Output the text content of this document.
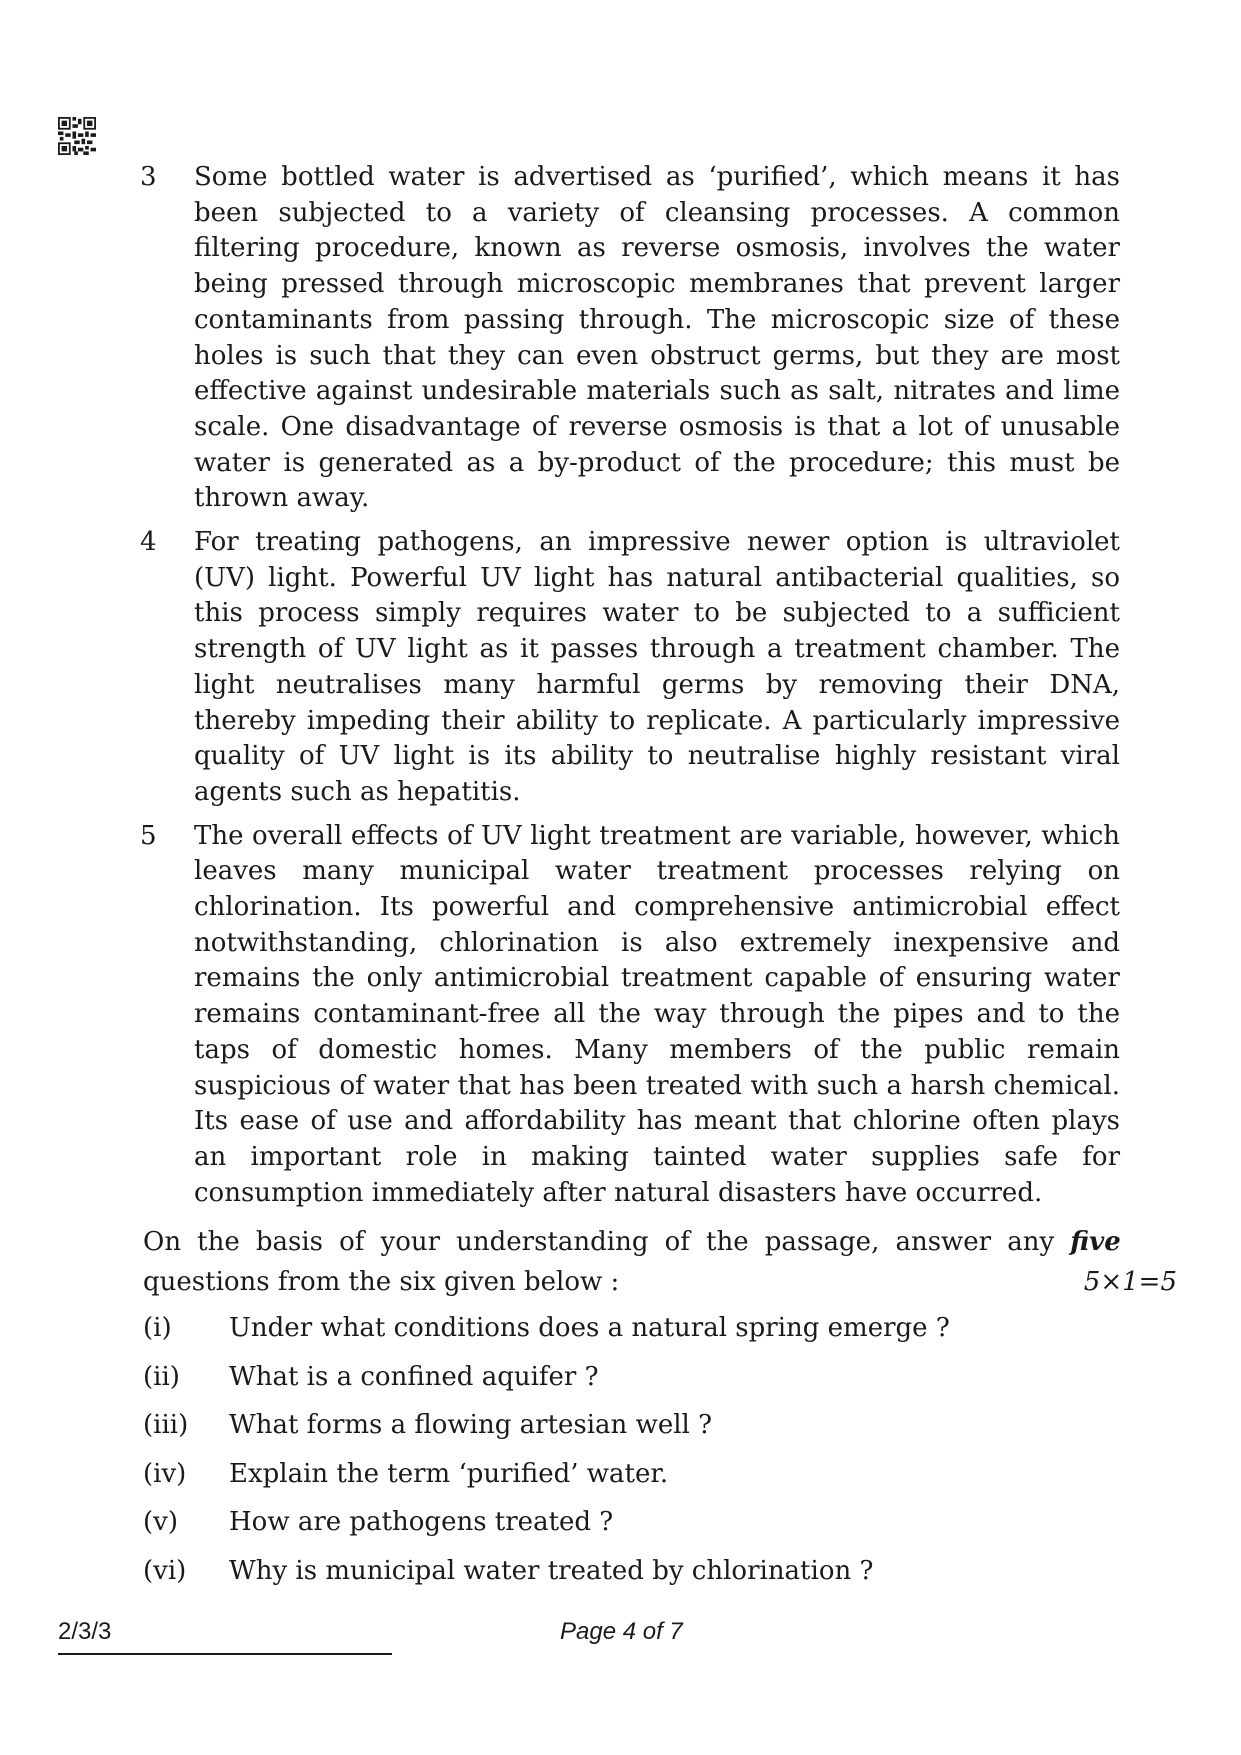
3	Some bottled water is advertised as ‘purified’, which means it has been subjected to a variety of cleansing processes. A common filtering procedure, known as reverse osmosis, involves the water being pressed through microscopic membranes that prevent larger contaminants from passing through. The microscopic size of these holes is such that they can even obstruct germs, but they are most effective against undesirable materials such as salt, nitrates and lime scale. One disadvantage of reverse osmosis is that a lot of unusable water is generated as a by-product of the procedure; this must be thrown away.
4	For treating pathogens, an impressive newer option is ultraviolet (UV) light. Powerful UV light has natural antibacterial qualities, so this process simply requires water to be subjected to a sufficient strength of UV light as it passes through a treatment chamber. The light neutralises many harmful germs by removing their DNA, thereby impeding their ability to replicate. A particularly impressive quality of UV light is its ability to neutralise highly resistant viral agents such as hepatitis.
5	The overall effects of UV light treatment are variable, however, which leaves many municipal water treatment processes relying on chlorination. Its powerful and comprehensive antimicrobial effect notwithstanding, chlorination is also extremely inexpensive and remains the only antimicrobial treatment capable of ensuring water remains contaminant-free all the way through the pipes and to the taps of domestic homes. Many members of the public remain suspicious of water that has been treated with such a harsh chemical. Its ease of use and affordability has meant that chlorine often plays an important role in making tainted water supplies safe for consumption immediately after natural disasters have occurred.
On the basis of your understanding of the passage, answer any five
questions from the six given below :	5×1=5
(i)	Under what conditions does a natural spring emerge ?
(ii)	What is a confined aquifer ?
(iii)	What forms a flowing artesian well ?
(iv)	Explain the term ‘purified’ water.
(v)	How are pathogens treated ?
(vi)	Why is municipal water treated by chlorination ?
2/3/3	Page 4 of 7
